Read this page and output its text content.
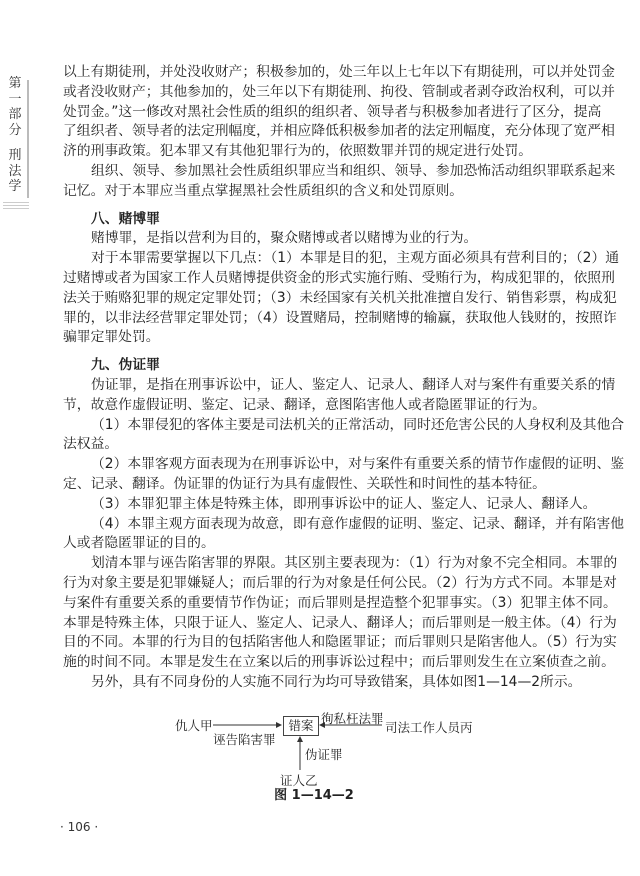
第一部分
刑法学
以上有期徒刑，并处没收财产；积极参加的，处三年以上七年以下有期徒刑，可以并处罚金
或者没收财产；其他参加的，处三年以下有期徒刑、拘役、管制或者剥夺政治权利，可以并
处罚金。”这一修改对黑社会性质的组织的组织者、领导者与积极参加者进行了区分，提高
了组织者、领导者的法定刑幅度，并相应降低积极参加者的法定刑幅度，充分体现了宽严相
济的刑事政策。犯本罪又有其他犯罪行为的，依照数罪并罚的规定进行处罚。
组织、领导、参加黑社会性质组织罪应当和组织、领导、参加恐怖活动组织罪联系起来
记忆。对于本罪应当重点掌握黑社会性质组织的含义和处罚原则。
八、赌博罪
赌博罪，是指以营利为目的，聚众赌博或者以赌博为业的行为。
对于本罪需要掌握以下几点：（1）本罪是目的犯，主观方面必须具有营利目的；（2）通
过赌博或者为国家工作人员赌博提供资金的形式实施行贿、受贿行为，构成犯罪的，依照刑
法关于贿赂犯罪的规定定罪处罚；（3）未经国家有关机关批准擅自发行、销售彩票，构成犯
罪的，以非法经营罪定罪处罚；（4）设置赌局，控制赌博的输赢，获取他人钱财的，按照诈
骗罪定罪处罚。
九、伪证罪
伪证罪，是指在刑事诉讼中，证人、鉴定人、记录人、翻译人对与案件有重要关系的情
节，故意作虚假证明、鉴定、记录、翻译，意图陷害他人或者隐匿罪证的行为。
（1）本罪侵犯的客体主要是司法机关的正常活动，同时还危害公民的人身权利及其他合
法权益。
（2）本罪客观方面表现为在刑事诉讼中，对与案件有重要关系的情节作虚假的证明、鉴
定、记录、翻译。伪证罪的伪证行为具有虚假性、关联性和时间性的基本特征。
（3）本罪犯罪主体是特殊主体，即刑事诉讼中的证人、鉴定人、记录人、翻译人。
（4）本罪主观方面表现为故意，即有意作虚假的证明、鉴定、记录、翻译，并有陷害他
人或者隐匿罪证的目的。
划清本罪与诬告陷害罪的界限。其区别主要表现为：（1）行为对象不完全相同。本罪的
行为对象主要是犯罪嫌疑人；而后罪的行为对象是任何公民。（2）行为方式不同。本罪是对
与案件有重要关系的重要情节作伪证；而后罪则是捏造整个犯罪事实。（3）犯罪主体不同。
本罪是特殊主体，只限于证人、鉴定人、记录人、翻译人；而后罪则是一般主体。（4）行为
目的不同。本罪的行为目的包括陷害他人和隐匿罪证；而后罪则只是陷害他人。（5）行为实
施的时间不同。本罪是发生在立案以后的刑事诉讼过程中；而后罪则发生在立案侦查之前。
另外，具有不同身份的人实施不同行为均可导致错案，具体如图1—14—2所示。
仇人甲
诬告陷害罪
错案 徇私枉法罪
司法工作人员丙
伪证罪
证人乙
图 1—14—2
· 106 ·
